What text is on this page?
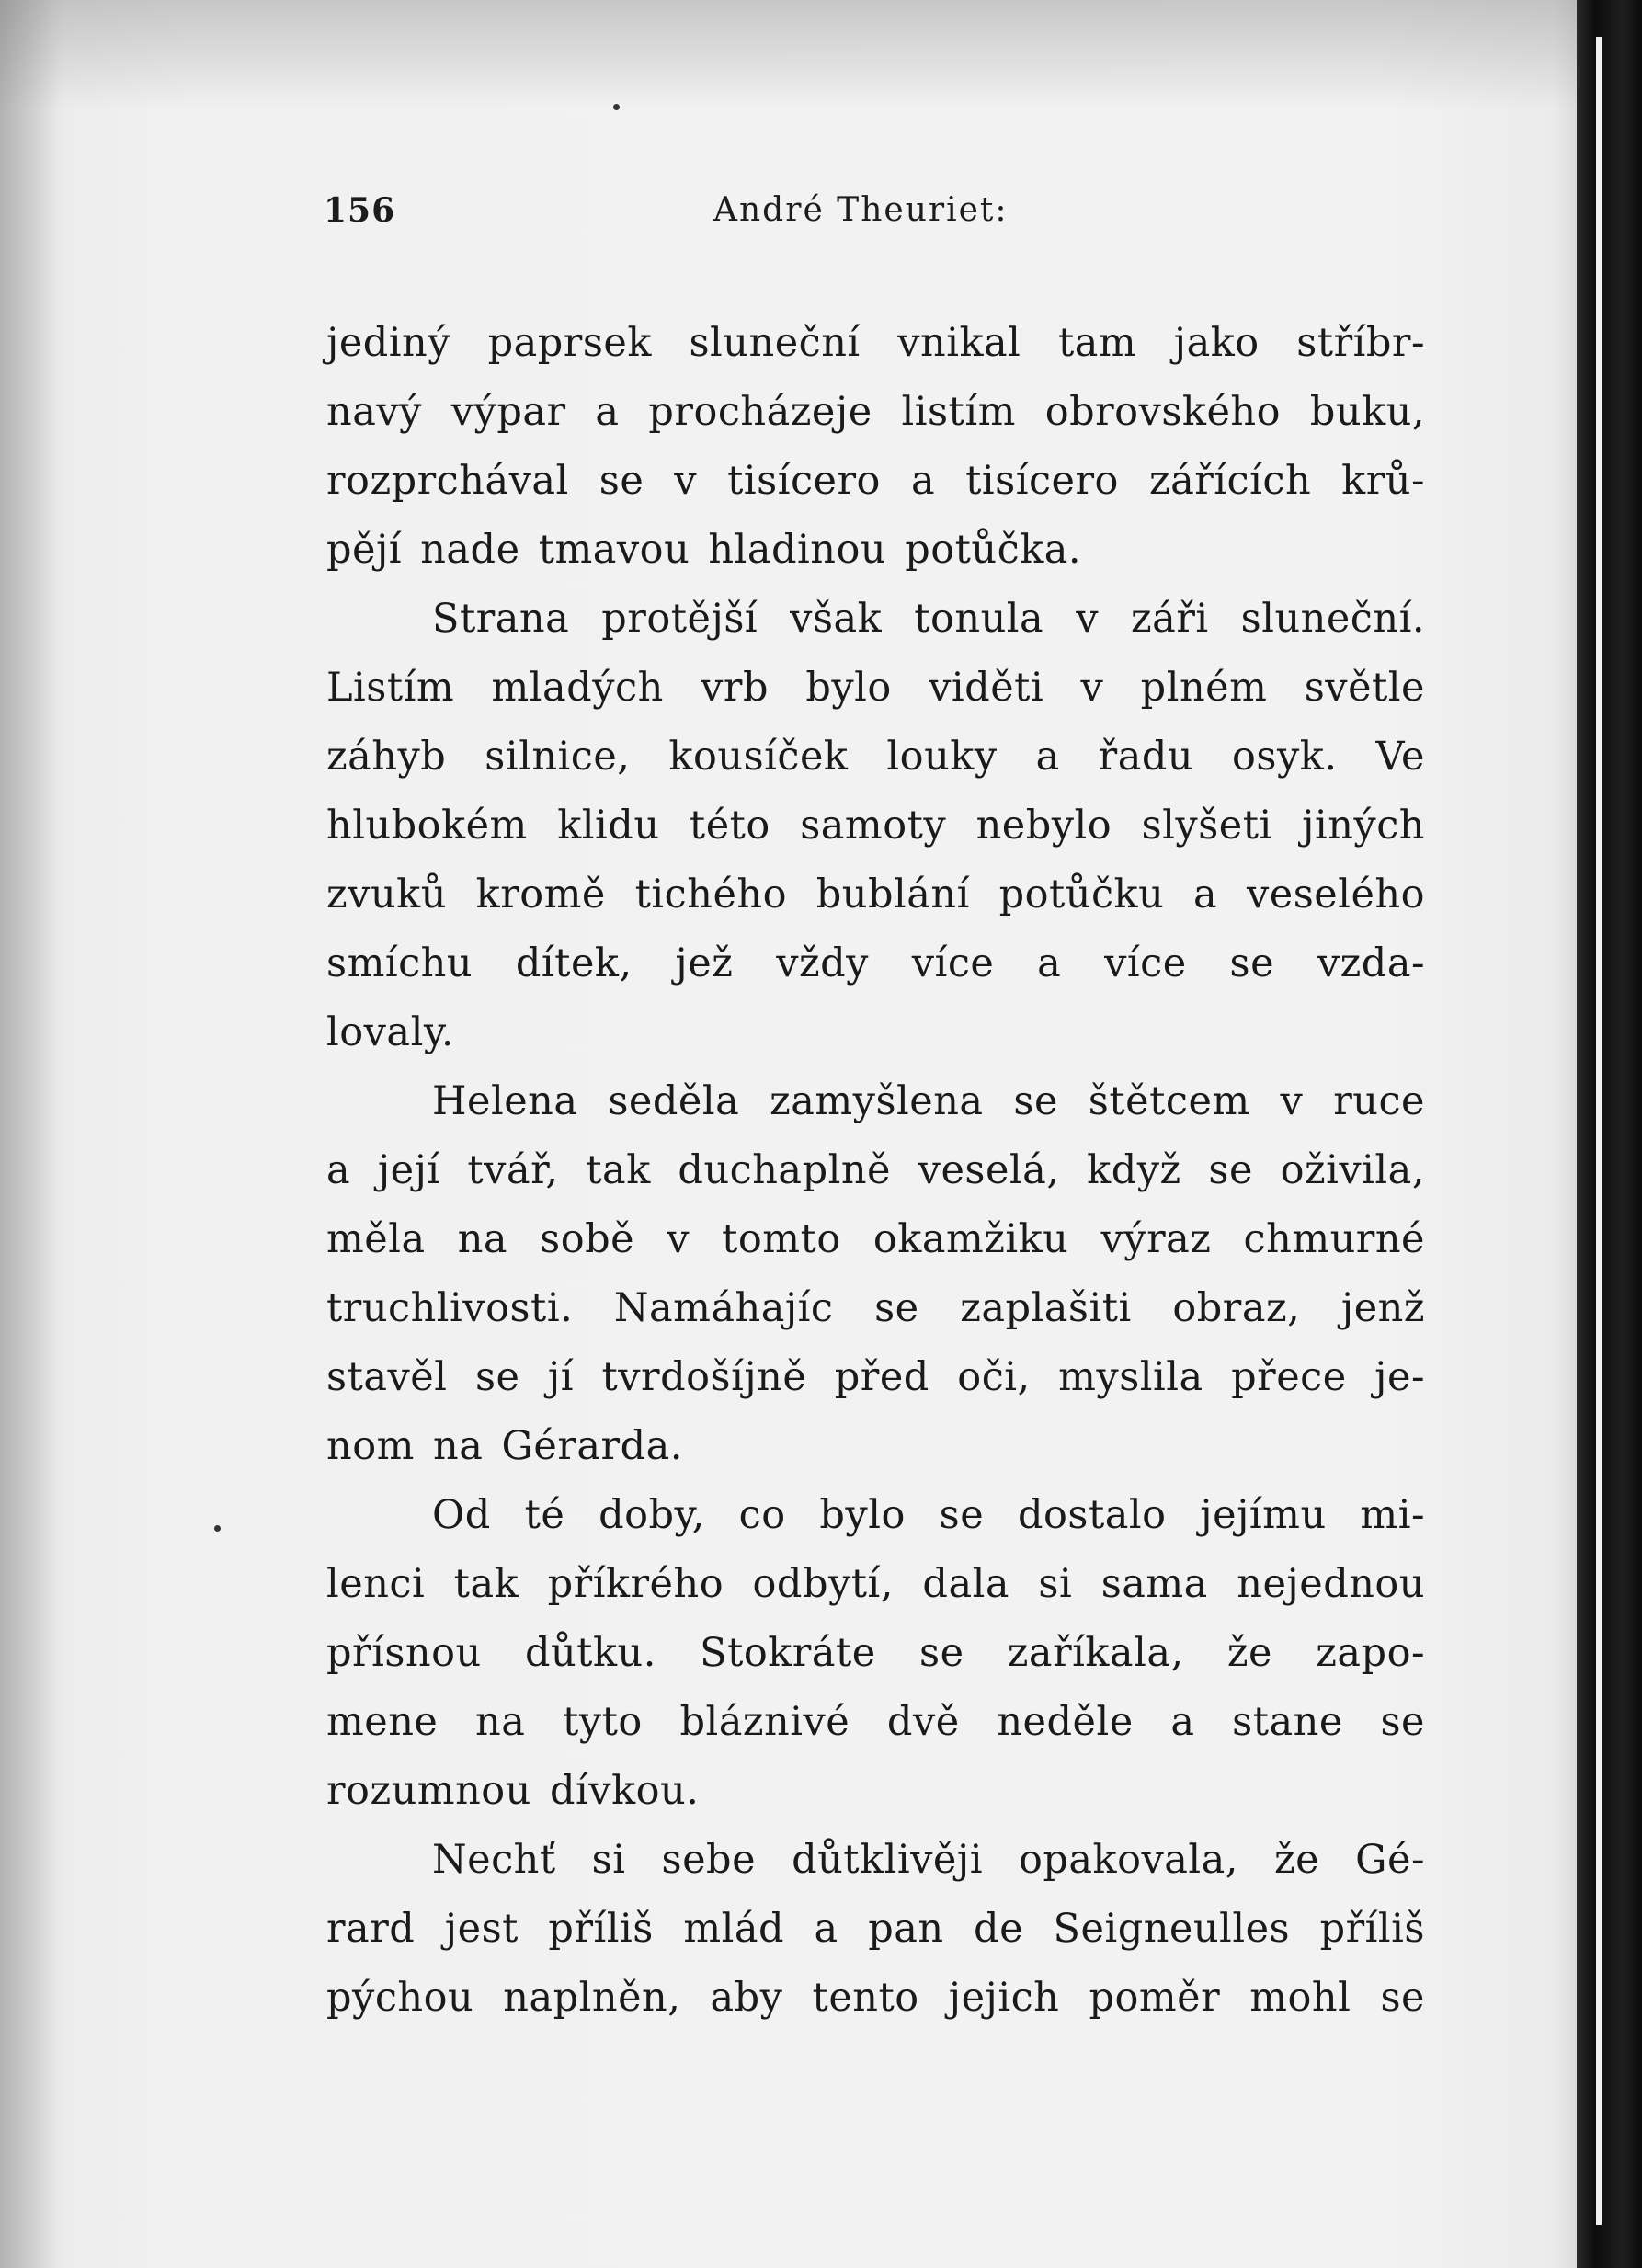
156	André Theuriet:
jediný paprsek sluneční vnikal tam jako stříbr-
navý výpar a procházeje listím obrovského buku,
rozprchával se v tisícero a tisícero zářících krů-
pějí nade tmavou hladinou potůčka.
Strana protější však tonula v záři sluneční.
Listím mladých vrb bylo viděti v plném světle
záhyb silnice, kousíček louky a řadu osyk. Ve
hlubokém klidu této samoty nebylo slyšeti jiných
zvuků kromě tichého bublání potůčku a veselého
smíchu dítek, jež vždy více a více se vzda-
lovaly.
Helena seděla zamyšlena se štětcem v ruce
a její tvář, tak duchaplně veselá, když se oživila,
měla na sobě v tomto okamžiku výraz chmurné
truchlivosti. Namáhajíc se zaplašiti obraz, jenž
stavěl se jí tvrdošíjně před oči, myslila přece je-
nom na Gérarda.
Od té doby, co bylo se dostalo jejímu mi-
lenci tak příkrého odbytí, dala si sama nejednou
přísnou důtku. Stokráte se zaříkala, že zapo-
mene na tyto bláznivé dvě neděle a stane se
rozumnou dívkou.
Nechť si sebe důtklivěji opakovala, že Gé-
rard jest příliš mlád a pan de Seigneulles příliš
pýchou naplněn, aby tento jejich poměr mohl se
